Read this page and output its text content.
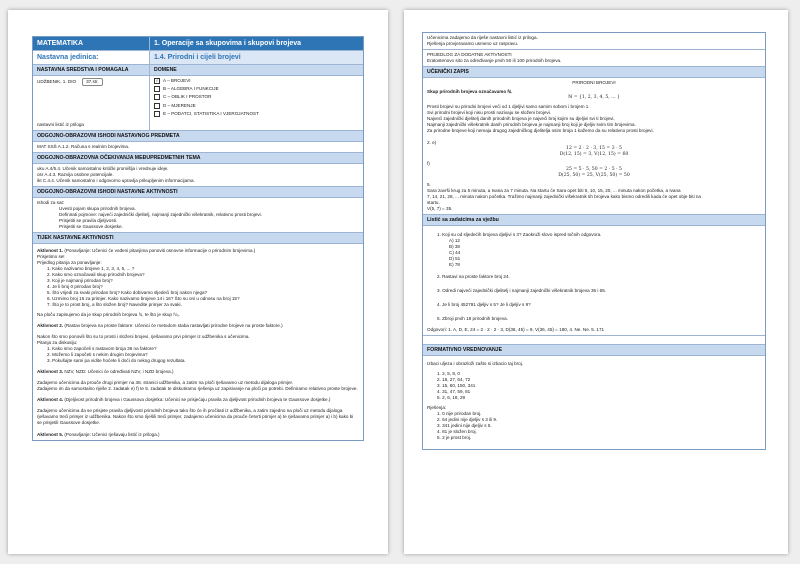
MATEMATIKA	1. Operacije sa skupovima i skupovi brojeva
Nastavna jedinica:	1.4. Prirodni i cijeli brojevi
NASTAVNA SREDSTVA I POMAGALA
UDŽBENIK, 1. DIO 37.str.
nastavni listić iz priloga
DOMENE
✓ A – BROJEVI
B – ALGEBRA I FUNKCIJE
C – OBLIK I PROSTOR
D – MJERENJE
E – PODATCI, STATISTIKA I VJEROJATNOST
ODGOJNO-OBRAZOVNI ISHODI NASTAVNOG PREDMETA
MAT SSŠ A.1.2. Računa s realnim brojevima.
ODGOJNO-OBRAZOVNA OČEKIVANJA MEĐUPREDMETNIH TEMA
uku A.4/5.4. Učenik samostalno kritički promišlja i vrednuje ideje.
osr A.4.3. Razvija osobne potencijale.
ikt C.4.4. Učenik samostalno i odgovorno upravlja prikupljenim informacijama.
ODGOJNO-OBRAZOVNI ISHODI NASTAVNE AKTIVNOSTI
Ishodi za sat:
Uvesti pojam skupa prirodnih brojeva.
Definirati pojmove: najveći zajednički djelitelj, najmanji zajednički višekratnik, relativno prosti brojevi.
Prisjetiti se pravila djeljivosti.
Prisjetiti se Gaussove dosjetke.
TIJEK NASTAVNE AKTIVNOSTI
Aktivnost 1. (Ponavljanje: Učenici će vođeni pitanjima ponoviti osnovne informacije o prirodnim brojevima.)
Prisjetimo se!
Prijedlog pitanja za ponavljanje:
1. Kako nazivamo brojeve 1, 2, 3, 4, 5, ... ?
2. Kako smo označavali skup prirodnih brojeva?
3. Koji je najmanji prirodan broj?
4. Je li broj 0 prirodan broj?
5. Što vrijedi za svaki prirodan broj? Kako dobivamo sljedeći broj nakon njega?
6. Uzmimo broj 15 za primjer. Kako nazivamo brojeve 14 i 16? Što su oni u odnosu na broj 15?
7. Što je to prost broj, a što složen broj? Navedite primjer za svaki.
Na ploču zapisujemo da je skup prirodnih brojeva ℕ, te što je skup ℕ₀.
Aktivnost 2. (Rastav brojeva na proste faktore: Učenici će metodom staba rastavljati prirodne brojeve na proste faktore.)
Nakon što smo ponovili što su to prosti i složeni brojevi, rješavamo prvi primjer iz udžbenika s učenicima.
Pitanja za diskusiju:
1. Kako smo započeli s rastavom broja 36 na faktore?
2. Možemo li započeti s nekim drugim brojevima?
3. Pokušajte sami pa vidite hoćete li doći do nekog drugog rezultata.
Aktivnost 3. NZV, NZD: Učenici će određivati NZV, i NZD brojeva.)
Zadajemo učenicima da prouče drugi primjer na 38. stranici udžbenika, a zatim na ploči rješavamo uz metodu dijaloga primjer.
Zadajemo im da samostalno riješe 2. zadatak e) f) te 5. zadatak te diskutiramo rješenja uz zapisivanje na ploči po potrebi. Definiramo relativno proste brojeve.
Aktivnost 4. (Djeljivost prirodnih brojeva i Gaussova dosjetka: Učenici se prisjećaju pravila za djeljivost prirodnih brojeva te Gaussove dosjetke.)
Zadajemo učenicima da se prisjete pravila djeljivosti prirodnih brojeva tako što će ih pročitati iz udžbenika, a zatim zajedno na ploči uz metodu dijaloga rješavamo treći primjer iz udžbenika. Nakon što smo riješili treći primjer, zadajemo učenicima da prouče četvrti primjer a) te rješavamo primjer a) i b) kako bi se prisjetili Gaussove dosjetke.
Aktivnost 5. (Ponavljanje: Učenici rješavaju listić iz priloga.)
Učenicima zadajemo da riješe nastavni listić iz priloga.
Rješenja provjeravamo usmeno uz raspravu.
PRIJEDLOG ZA DODATNE AKTIVNOSTI
Eratostenovo sito za određivanje prvih 50 ili 100 prirodnih brojeva.
UČENIČKI ZAPIS
PRIRODNI BROJEVI
Skup prirodnih brojeva označavamo ℕ.
ℕ = {1, 2, 3, 4, 5, ... }
Prosti brojevi su prirodni brojevi veći od 1 djeljivi samo samim sobom i brojem 1.
Svi prirodni brojevi koji nisu prosti nazivaju se složeni brojevi.
Najveći zajednički djelitelj danih prirodnih brojeva je najveći broj kojim su djeljivi svi ti brojevi.
Najmanji zajednički višekratnik danih prirodnih brojeva je najmanji broj koji je djeljiv svim tim brojevima.
Za prirodne brojeve koji nemaju drugog zajedničkog djelitelja osim broja 1 kažemo da su relativno prosti brojevi.
2. e)
12 = 2 · 2 · 3, 15 = 3 · 5
D(12, 15) = 3, V(12, 15) = 60
f)
25 = 5 · 5, 50 = 2 · 5 · 5
D(25, 50) = 25, V(25, 50) = 50
5.
Sara završi krug za 5 minuta, a Ivana za 7 minuta. Na startu će Sara opet biti 5, 10, 15, 20, ... minuta nakon početka, a Ivana
7, 14, 21, 28, ... minuta nakon početka. Tražimo najmanji zajednički višekratnik tih brojeva kako bismo odredili kada će opet obje biti na
startu.
V(5, 7) = 35.
Listić sa zadatcima za vježbu
1. Koji su od sljedećih brojeva djeljivi s 3? Zaokruži slovo ispred točnih odgovora.
A) 12
B) 38
C) 44
D) 51
E) 78
2. Rastavi na proste faktore broj 24.
3. Odredi najveći zajednički djelitelj i najmanji zajednički višekratnik brojeva 36 i 65.
4. Je li broj 452791 djeljiv s 5? Je li djeljiv s 9?
5. Zbroji prvih 18 prirodnih brojeva.
Odgovori: 1. A, D, E, 24 = 2 · 2 · 2 · 3, D(36, 45) = 9, V(36, 45) = 180, 4. Ne. Ne. 5. 171
FORMATIVNO VREDNOVANJE
Izbaci uljeza i obrazloži zašto si izbacio taj broj.
1. 2, 5, 8, 0
2. 18, 27, 64, 72
3. 15, 60, 150, 341
4. 31, 47, 59, 81
5. 2, 6, 18, 29
Rješenja:
1. 0 nije prirodan broj.
2. 64 jedini nije djeljiv s 3 ili 9.
3. 341 jedini nije djeljiv s 5.
4. 81 je složen broj.
5. 2 je prost broj.
